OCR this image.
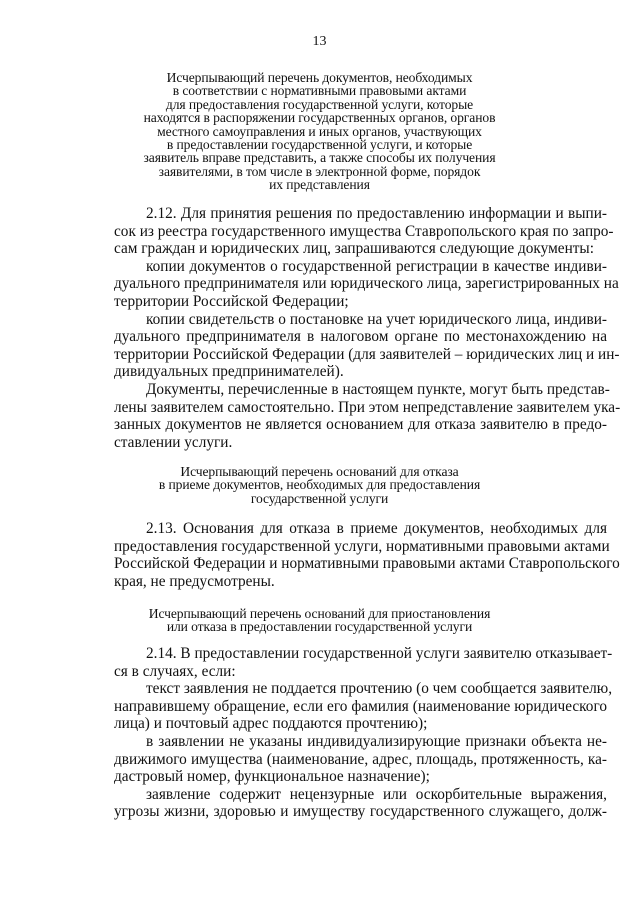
13
Исчерпывающий перечень документов, необходимых
в соответствии с нормативными правовыми актами
для предоставления государственной услуги, которые
находятся в распоряжении государственных органов, органов
местного самоуправления и иных органов, участвующих
в предоставлении государственной услуги, и которые
заявитель вправе представить, а также способы их получения
заявителями, в том числе в электронной форме, порядок
их представления
2.12. Для принятия решения по предоставлению информации и выпи-
сок из реестра государственного имущества Ставропольского края по запро-
сам граждан и юридических лиц, запрашиваются следующие документы:
копии документов о государственной регистрации в качестве индиви-
дуального предпринимателя или юридического лица, зарегистрированных на
территории Российской Федерации;
копии свидетельств о постановке на учет юридического лица, индиви-
дуального предпринимателя в налоговом органе по местонахождению на
территории Российской Федерации (для заявителей – юридических лиц и ин-
дивидуальных предпринимателей).
Документы, перечисленные в настоящем пункте, могут быть представ-
лены заявителем самостоятельно. При этом непредставление заявителем ука-
занных документов не является основанием для отказа заявителю в предо-
ставлении услуги.
Исчерпывающий перечень оснований для отказа
в приеме документов, необходимых для предоставления
государственной услуги
2.13. Основания для отказа в приеме документов, необходимых для
предоставления государственной услуги, нормативными правовыми актами
Российской Федерации и нормативными правовыми актами Ставропольского
края, не предусмотрены.
Исчерпывающий перечень оснований для приостановления
или отказа в предоставлении государственной услуги
2.14. В предоставлении государственной услуги заявителю отказывает-
ся в случаях, если:
текст заявления не поддается прочтению (о чем сообщается заявителю,
направившему обращение, если его фамилия (наименование юридического
лица) и почтовый адрес поддаются прочтению);
в заявлении не указаны индивидуализирующие признаки объекта не-
движимого имущества (наименование, адрес, площадь, протяженность, ка-
дастровый номер, функциональное назначение);
заявление содержит нецензурные или оскорбительные выражения,
угрозы жизни, здоровью и имуществу государственного служащего, долж-
